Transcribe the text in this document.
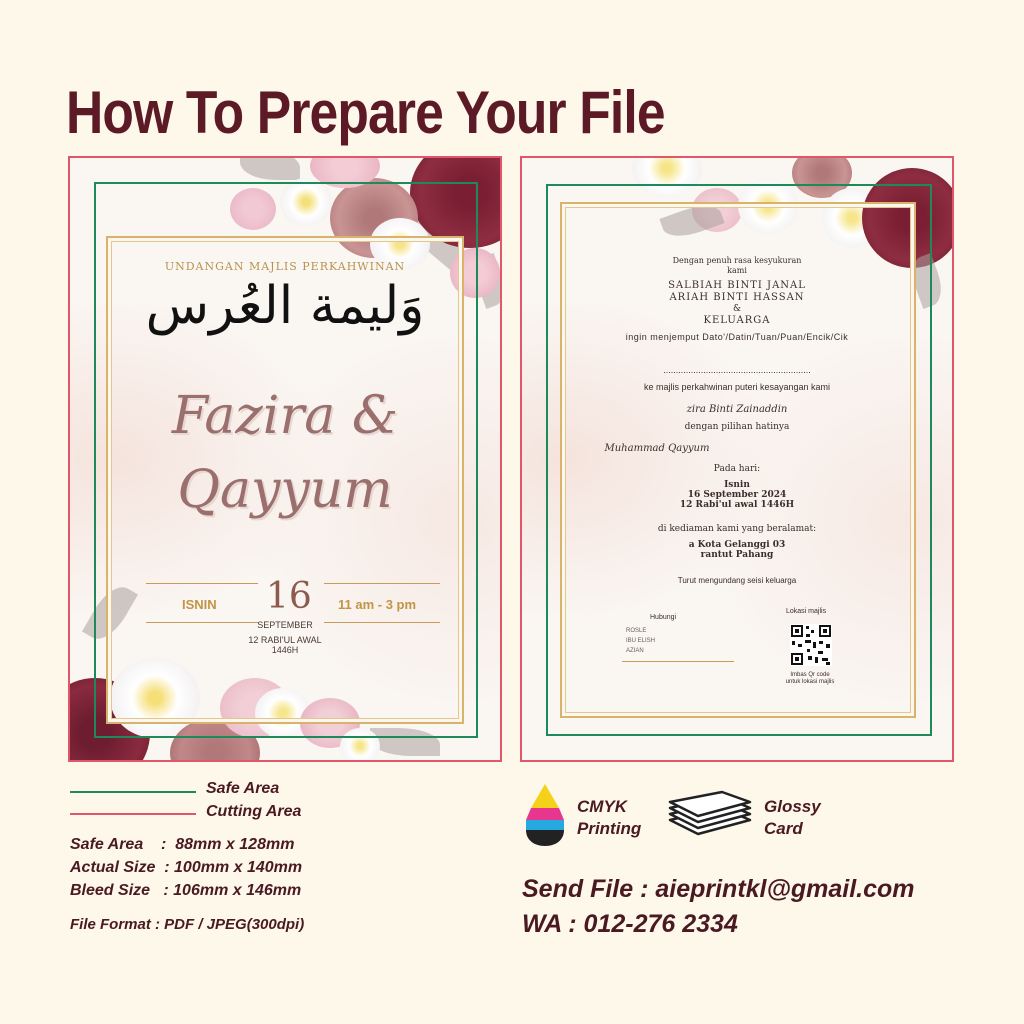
How To Prepare Your File
UNDANGAN MAJLIS PERKAHWINAN
وَليمة العُرس
Fazira &
Qayyum
ISNIN 16 11 am - 3 pm
SEPTEMBER
12 RABI'UL AWAL
1446H
Dengan penuh rasa kesyukuran
kami
SALBIAH BINTI JANAL
ARIAH BINTI HASSAN
&
KELUARGA
ingin menjemput Dato'/Datin/Tuan/Puan/Encik/Cik
...........................................................
ke majlis perkahwinan puteri kesayangan kami
zira Binti Zainaddin
dengan pilihan hatinya
Muhammad Qayyum
Pada hari:
Isnin
16 September 2024
12 Rabi'ul awal 1446H
di kediaman kami yang beralamat:
a Kota Gelanggi 03
rantut Pahang
Turut mengundang seisi keluarga
Hubungi
ROSLE
IBU ELISH
AZIAN
Lokasi majlis
Imbas Qr code
untuk lokasi majlis
Safe Area
Cutting Area
Safe Area    :  88mm x 128mm
Actual Size  : 100mm x 140mm
Bleed Size   : 106mm x 146mm
File Format : PDF / JPEG(300dpi)
CMYK
Printing
Glossy
Card
Send File : aieprintkl@gmail.com
WA : 012-276 2334
